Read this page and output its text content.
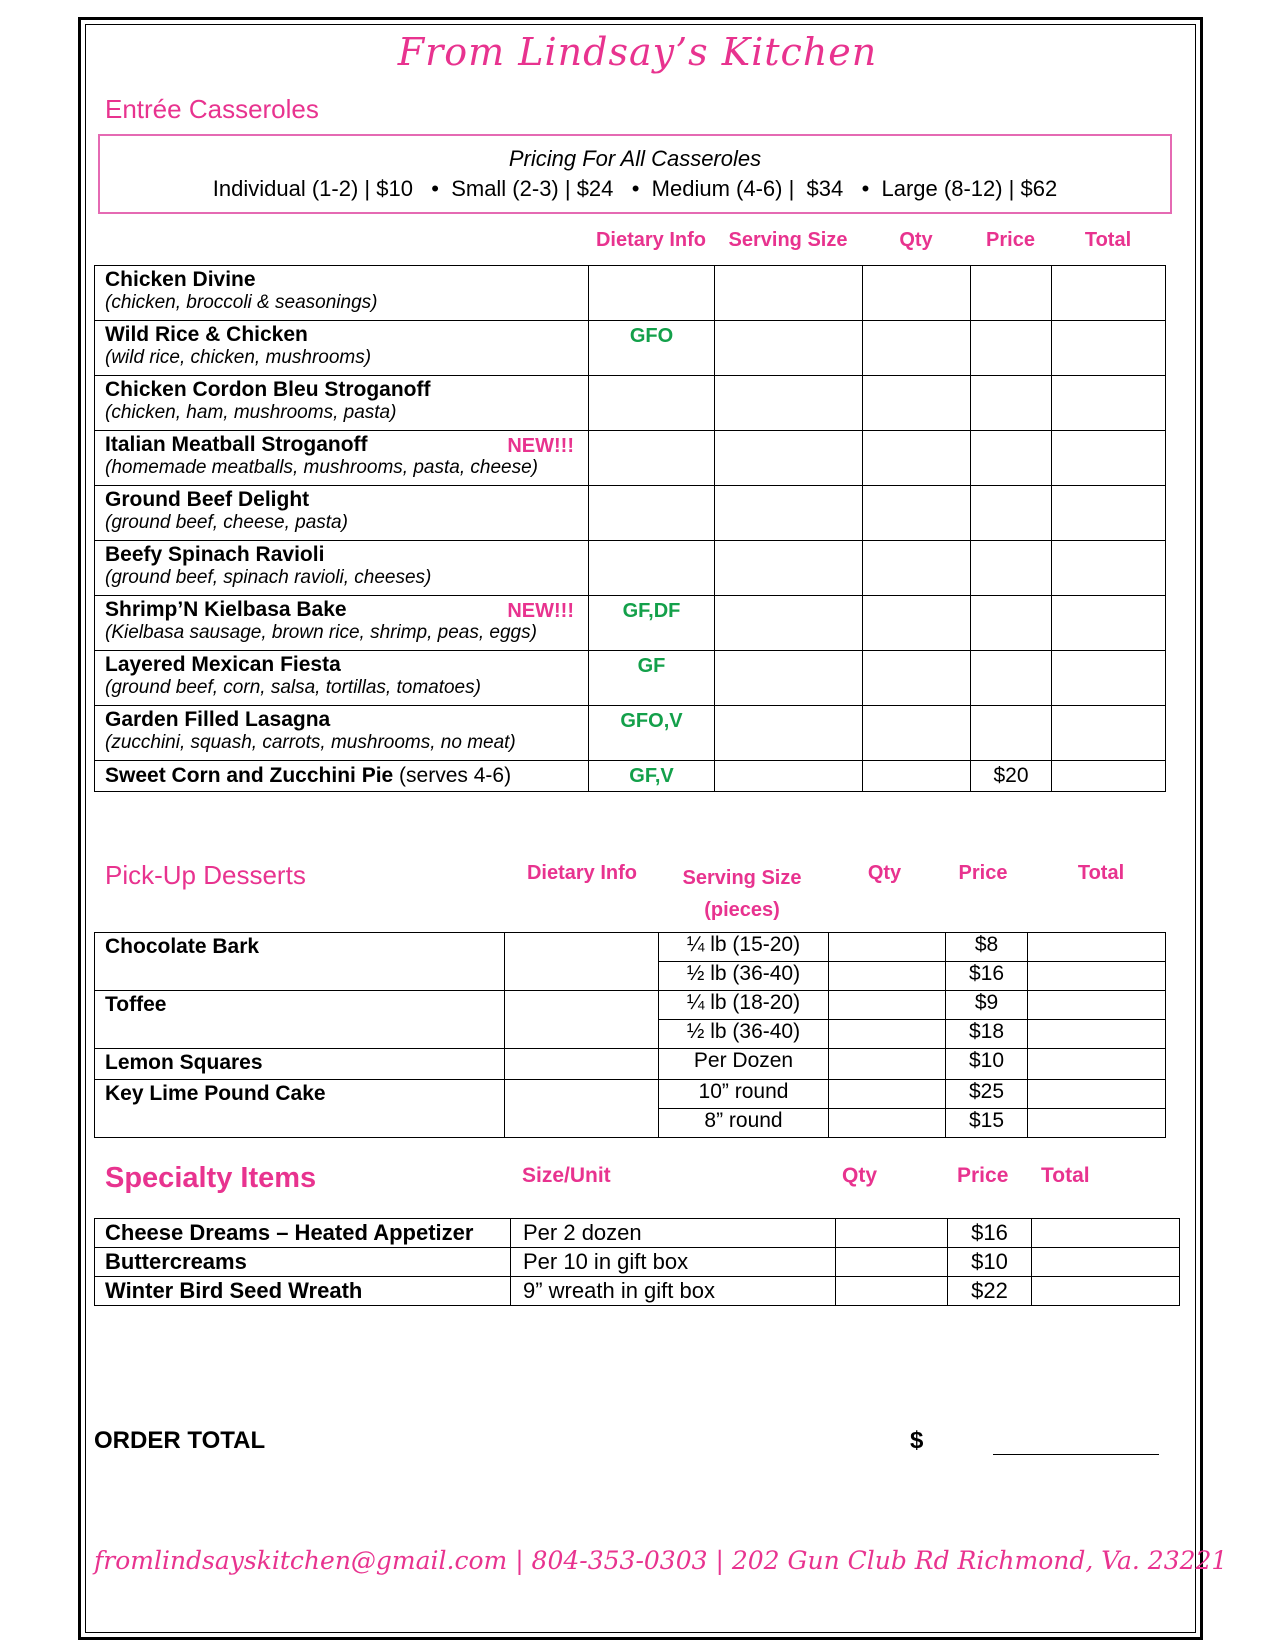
From Lindsay’s Kitchen
Entrée Casseroles
Pricing For All Casseroles
Individual (1-2) | $10   •  Small (2-3) | $24   •  Medium (4-6) |  $34   •  Large (8-12) | $62
Dietary Info	Serving Size	Qty	Price	Total
Chicken Divine
(chicken, broccoli & seasonings)					

Wild Rice & Chicken
(wild rice, chicken, mushrooms)	GFO				

Chicken Cordon Bleu Stroganoff
(chicken, ham, mushrooms, pasta)					

Italian Meatball Stroganoff NEW!!!
(homemade meatballs, mushrooms, pasta, cheese)					

Ground Beef Delight
(ground beef, cheese, pasta)					

Beefy Spinach Ravioli
(ground beef, spinach ravioli, cheeses)					

Shrimp’N Kielbasa Bake NEW!!!
(Kielbasa sausage, brown rice, shrimp, peas, eggs)	GF,DF				

Layered Mexican Fiesta
(ground beef, corn, salsa, tortillas, tomatoes)	GF				

Garden Filled Lasagna
(zucchini, squash, carrots, mushrooms, no meat)	GFO,V				

Sweet Corn and Zucchini Pie (serves 4-6)	GF,V			$20	
Pick-Up Desserts	Dietary Info	Serving Size
(pieces)
Qty	Price	Total
Chocolate Bark		¼ lb (15-20)		$8	
		½ lb (36-40)		$16	
Toffee		¼ lb (18-20)		$9	
		½ lb (36-40)		$18	
Lemon Squares		Per Dozen		$10	
Key Lime Pound Cake		10” round		$25	
		8” round		$15	
Specialty Items	Size/Unit	Qty	Price Total
Cheese Dreams – Heated Appetizer	Per 2 dozen		$16	
Buttercreams	Per 10 in gift box		$10	
Winter Bird Seed Wreath	9” wreath in gift box		$22	
ORDER TOTAL	$
fromlindsayskitchen@gmail.com | 804-353-0303 | 202 Gun Club Rd Richmond, Va. 23221
